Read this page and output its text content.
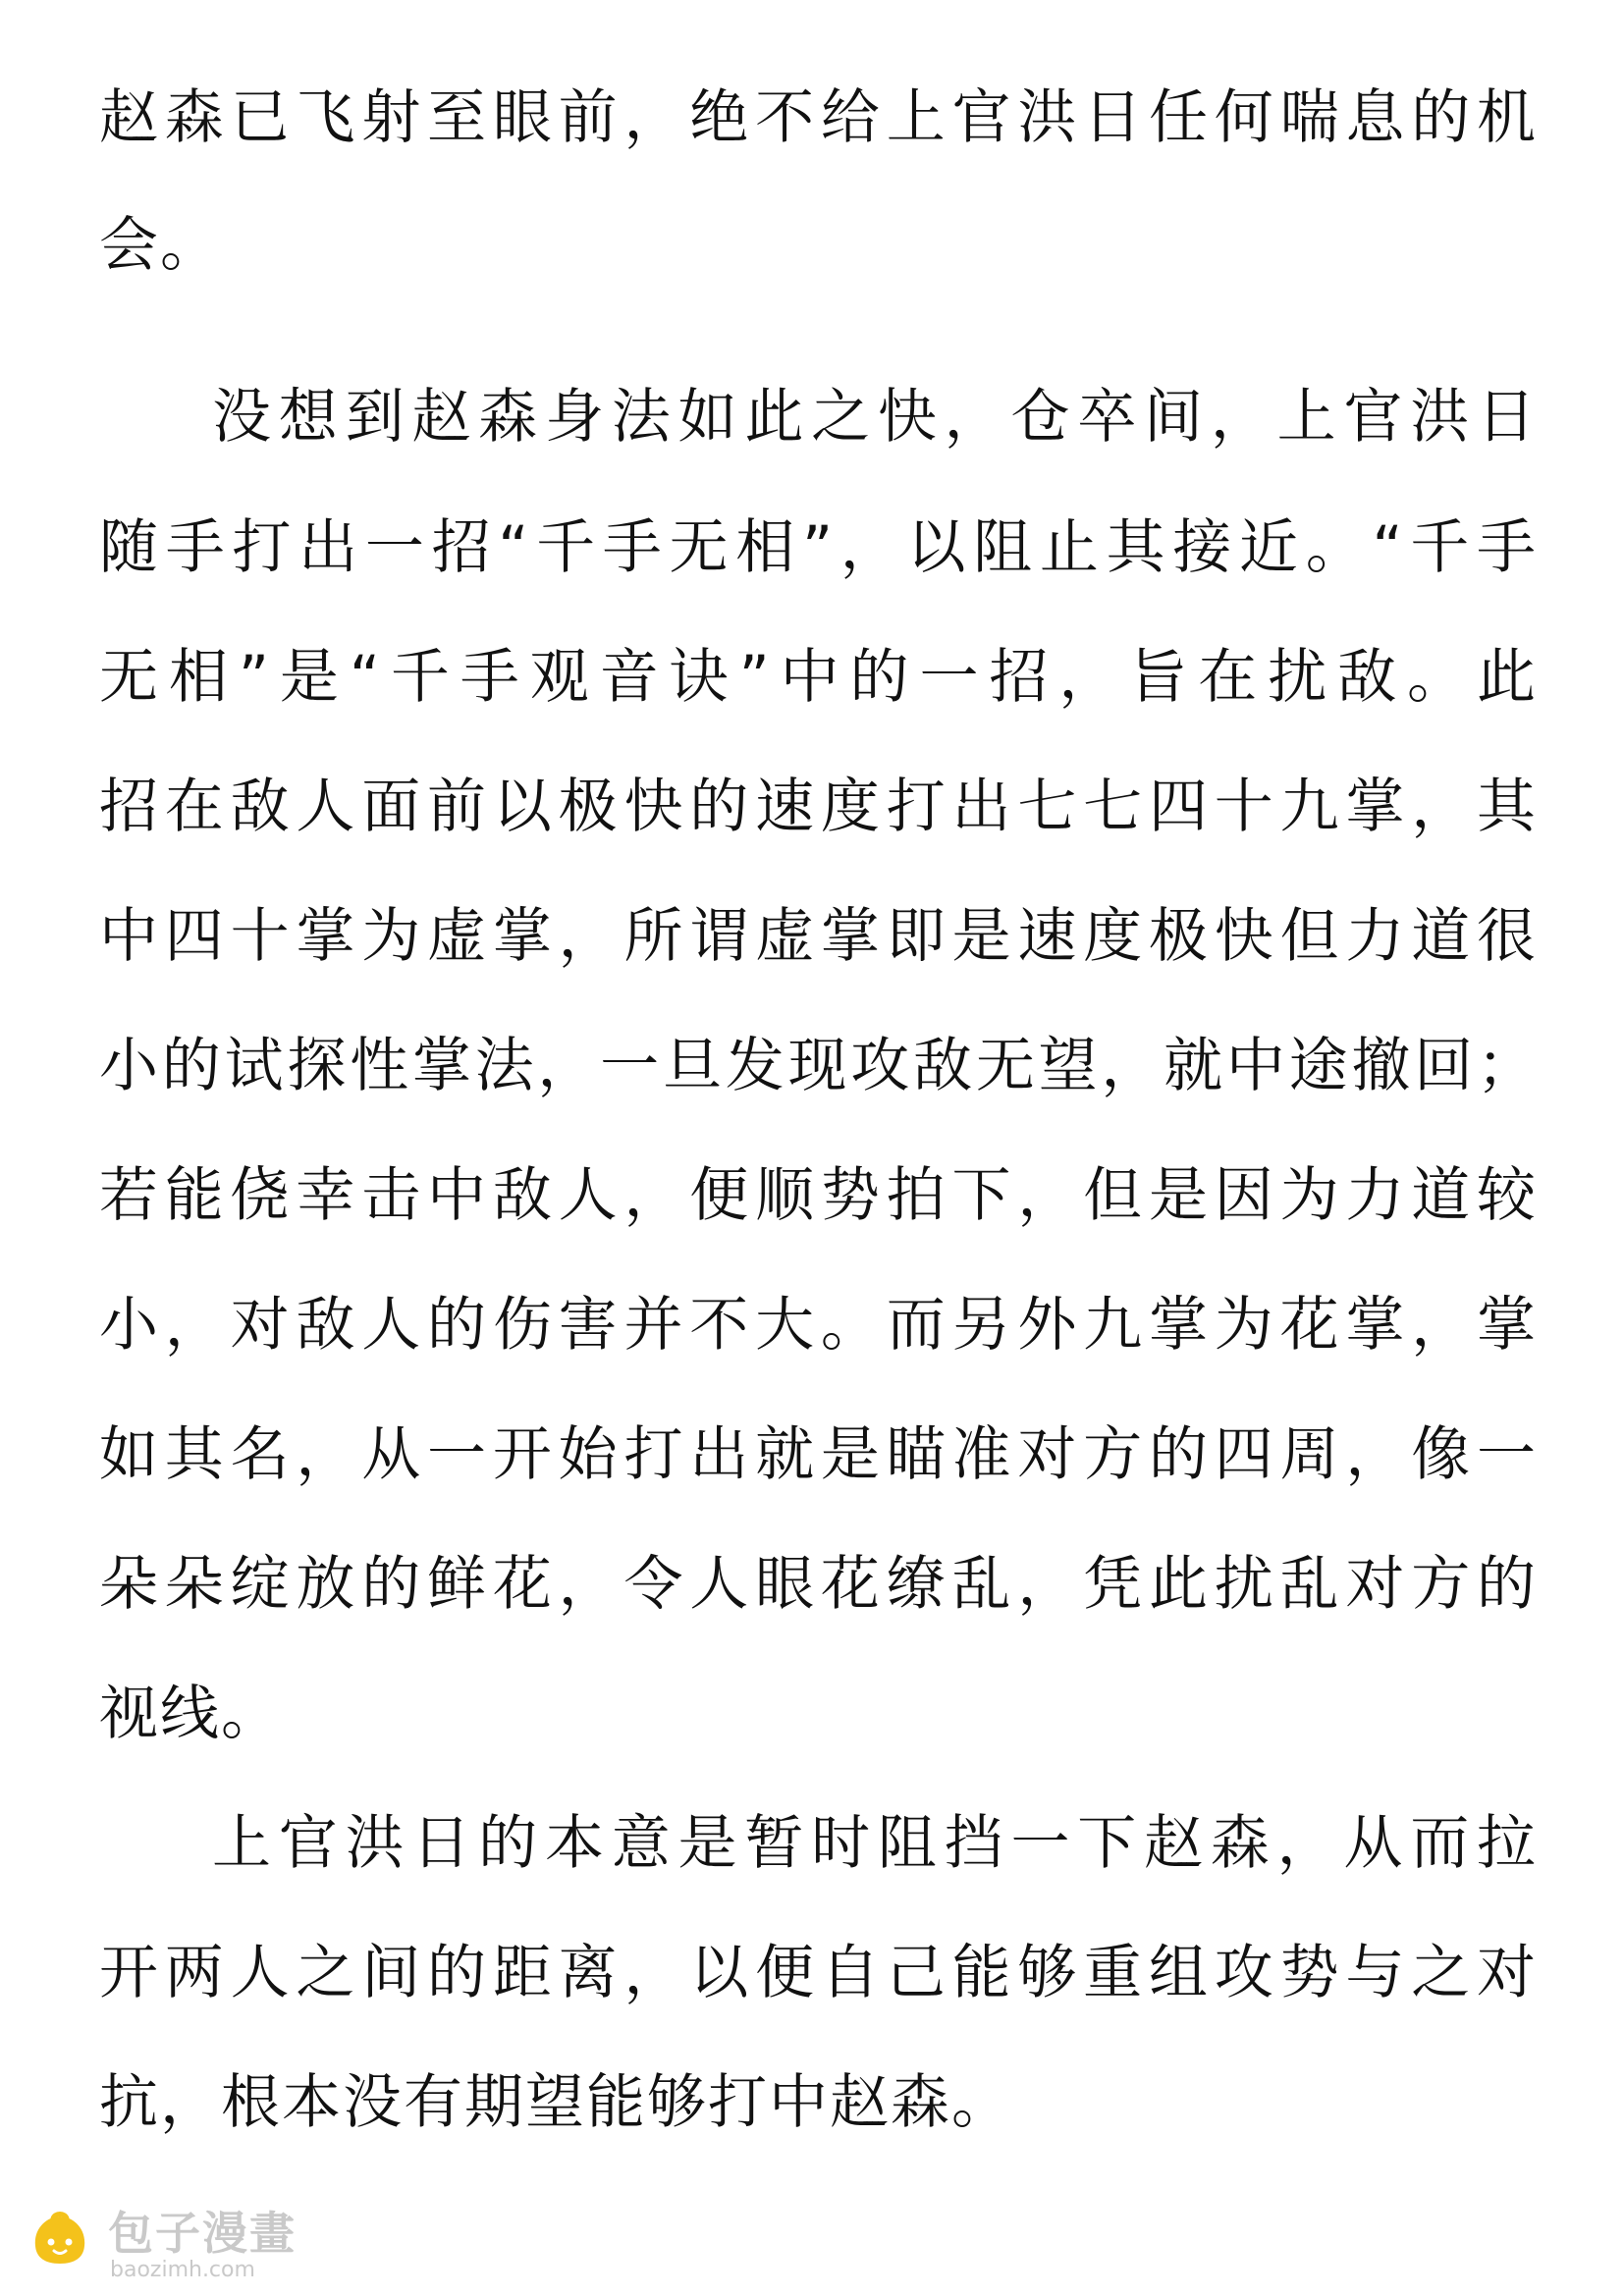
赵森已飞射至眼前，绝不给上官洪日任何喘息的机
会。
没想到赵森身法如此之快，仓卒间，上官洪日
随手打出一招“千手无相”，以阻止其接近。“千手
无相”是“千手观音诀”中的一招，旨在扰敌。此
招在敌人面前以极快的速度打出七七四十九掌，其
中四十掌为虚掌，所谓虚掌即是速度极快但力道很
小的试探性掌法，一旦发现攻敌无望，就中途撤回；
若能侥幸击中敌人，便顺势拍下，但是因为力道较
小，对敌人的伤害并不大。而另外九掌为花掌，掌
如其名，从一开始打出就是瞄准对方的四周，像一
朵朵绽放的鲜花，令人眼花缭乱，凭此扰乱对方的
视线。
上官洪日的本意是暂时阻挡一下赵森，从而拉
开两人之间的距离，以便自己能够重组攻势与之对
抗，根本没有期望能够打中赵森。
包子漫畫
baozimh.com
